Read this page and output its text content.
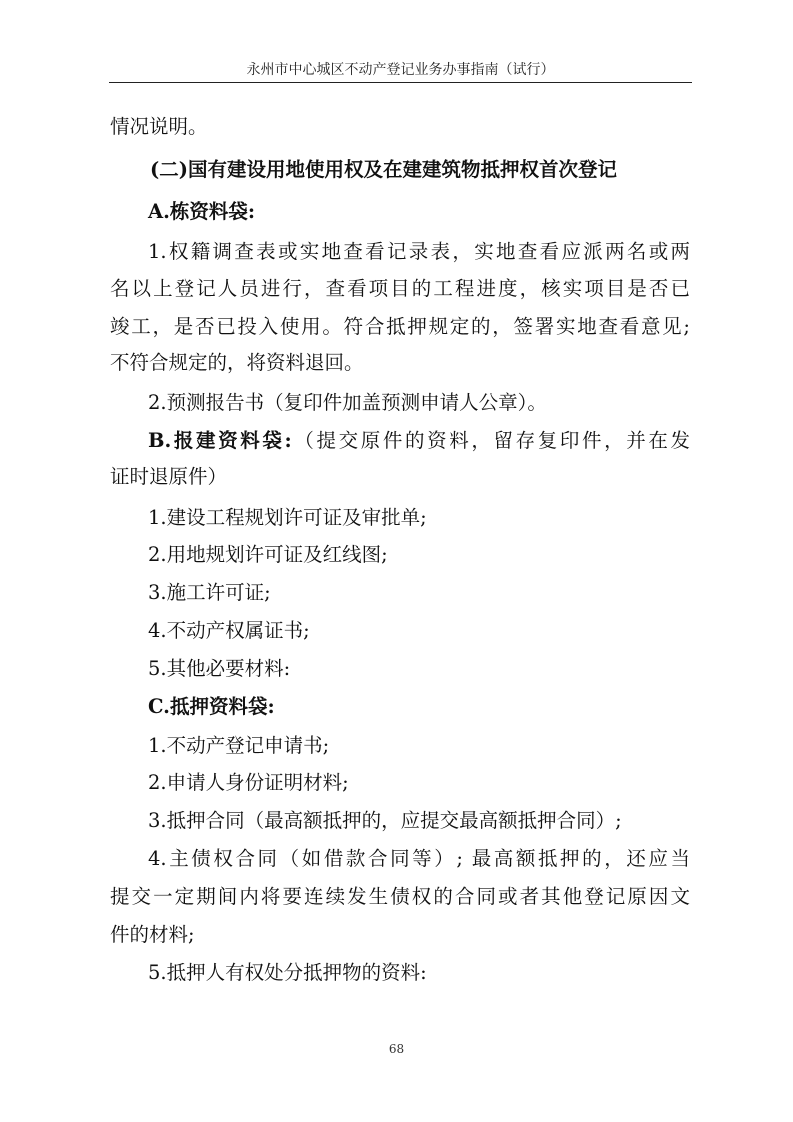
永州市中心城区不动产登记业务办事指南（试行）
情况说明。
(二)国有建设用地使用权及在建建筑物抵押权首次登记
A.栋资料袋:
1.权籍调查表或实地查看记录表，实地查看应派两名或两
名以上登记人员进行，查看项目的工程进度，核实项目是否已
竣工，是否已投入使用。符合抵押规定的，签署实地查看意见;
不符合规定的，将资料退回。
2.预测报告书（复印件加盖预测申请人公章）。
B.报建资料袋:（提交原件的资料，留存复印件，并在发
证时退原件）
1.建设工程规划许可证及审批单;
2.用地规划许可证及红线图;
3.施工许可证;
4.不动产权属证书;
5.其他必要材料:
C.抵押资料袋:
1.不动产登记申请书;
2.申请人身份证明材料;
3.抵押合同（最高额抵押的，应提交最高额抵押合同）;
4.主债权合同（如借款合同等）; 最高额抵押的，还应当
提交一定期间内将要连续发生债权的合同或者其他登记原因文
件的材料;
5.抵押人有权处分抵押物的资料:
68
